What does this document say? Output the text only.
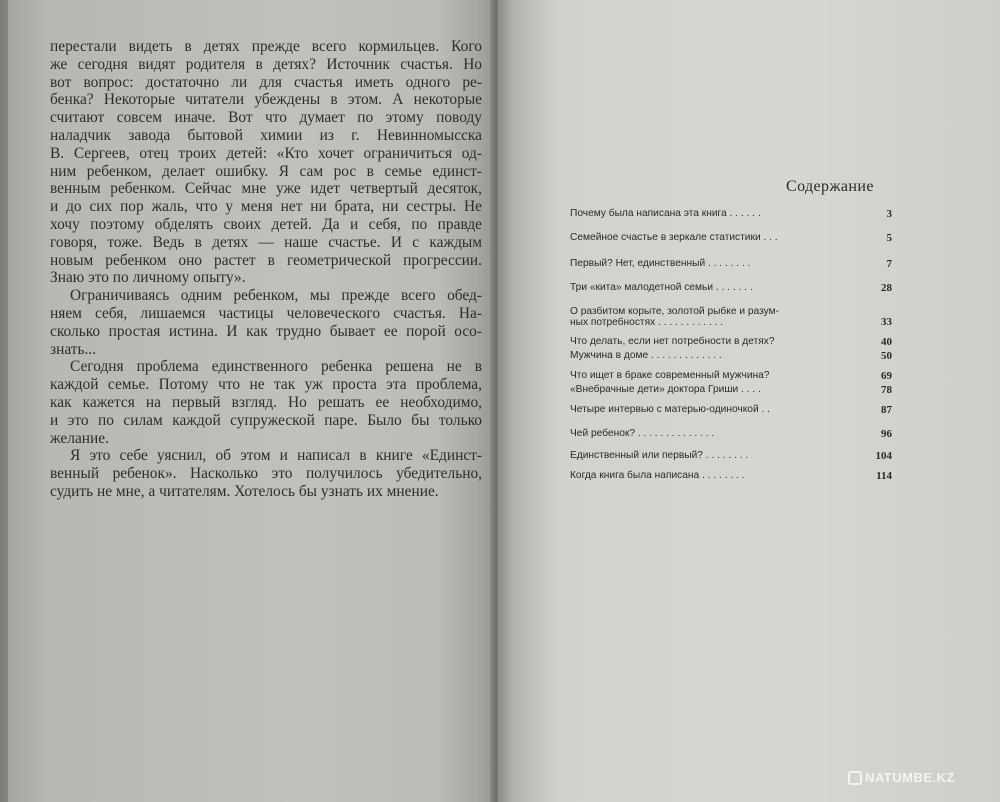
перестали видеть в детях прежде всего кормильцев. Кого
же сегодня видят родителя в детях? Источник счастья. Но
вот вопрос: достаточно ли для счастья иметь одного ре-
бенка? Некоторые читатели убеждены в этом. А некоторые
считают совсем иначе. Вот что думает по этому поводу
наладчик завода бытовой химии из г. Невинномысска
В. Сергеев, отец троих детей: «Кто хочет ограничиться од-
ним ребенком, делает ошибку. Я сам рос в семье единст-
венным ребенком. Сейчас мне уже идет четвертый десяток,
и до сих пор жаль, что у меня нет ни брата, ни сестры. Не
хочу поэтому обделять своих детей. Да и себя, по правде
говоря, тоже. Ведь в детях — наше счастье. И с каждым
новым ребенком оно растет в геометрической прогрессии.
Знаю это по личному опыту».
Ограничиваясь одним ребенком, мы прежде всего обед-
няем себя, лишаемся частицы человеческого счастья. На-
сколько простая истина. И как трудно бывает ее порой осо-
знать...
Сегодня проблема единственного ребенка решена не в
каждой семье. Потому что не так уж проста эта проблема,
как кажется на первый взгляд. Но решать ее необходимо,
и это по силам каждой супружеской паре. Было бы только
желание.
Я это себе уяснил, об этом и написал в книге «Единст-
венный ребенок». Насколько это получилось убедительно,
судить не мне, а читателям. Хотелось бы узнать их мнение.
Содержание
Почему была написана эта книга . . . . . .	3
Семейное счастье в зеркале статистики . . .	5
Первый? Нет, единственный . . . . . . . .	7
Три «кита» малодетной семьи . . . . . . .	28
О разбитом корыте, золотой рыбке и разум-
ных потребностях . . . . . . . . . . . .	33
Что делать, если нет потребности в детях?	40
Мужчина в доме . . . . . . . . . . . . .	50
Что ищет в браке современный мужчина?	69
«Внебрачные дети» доктора Гриши . . . .	78
Четыре интервью с матерью-одиночкой . .	87
Чей ребенок? . . . . . . . . . . . . . .	96
Единственный или первый? . . . . . . . .	104
Когда книга была написана . . . . . . . .	114
NATUMBE.KZ
